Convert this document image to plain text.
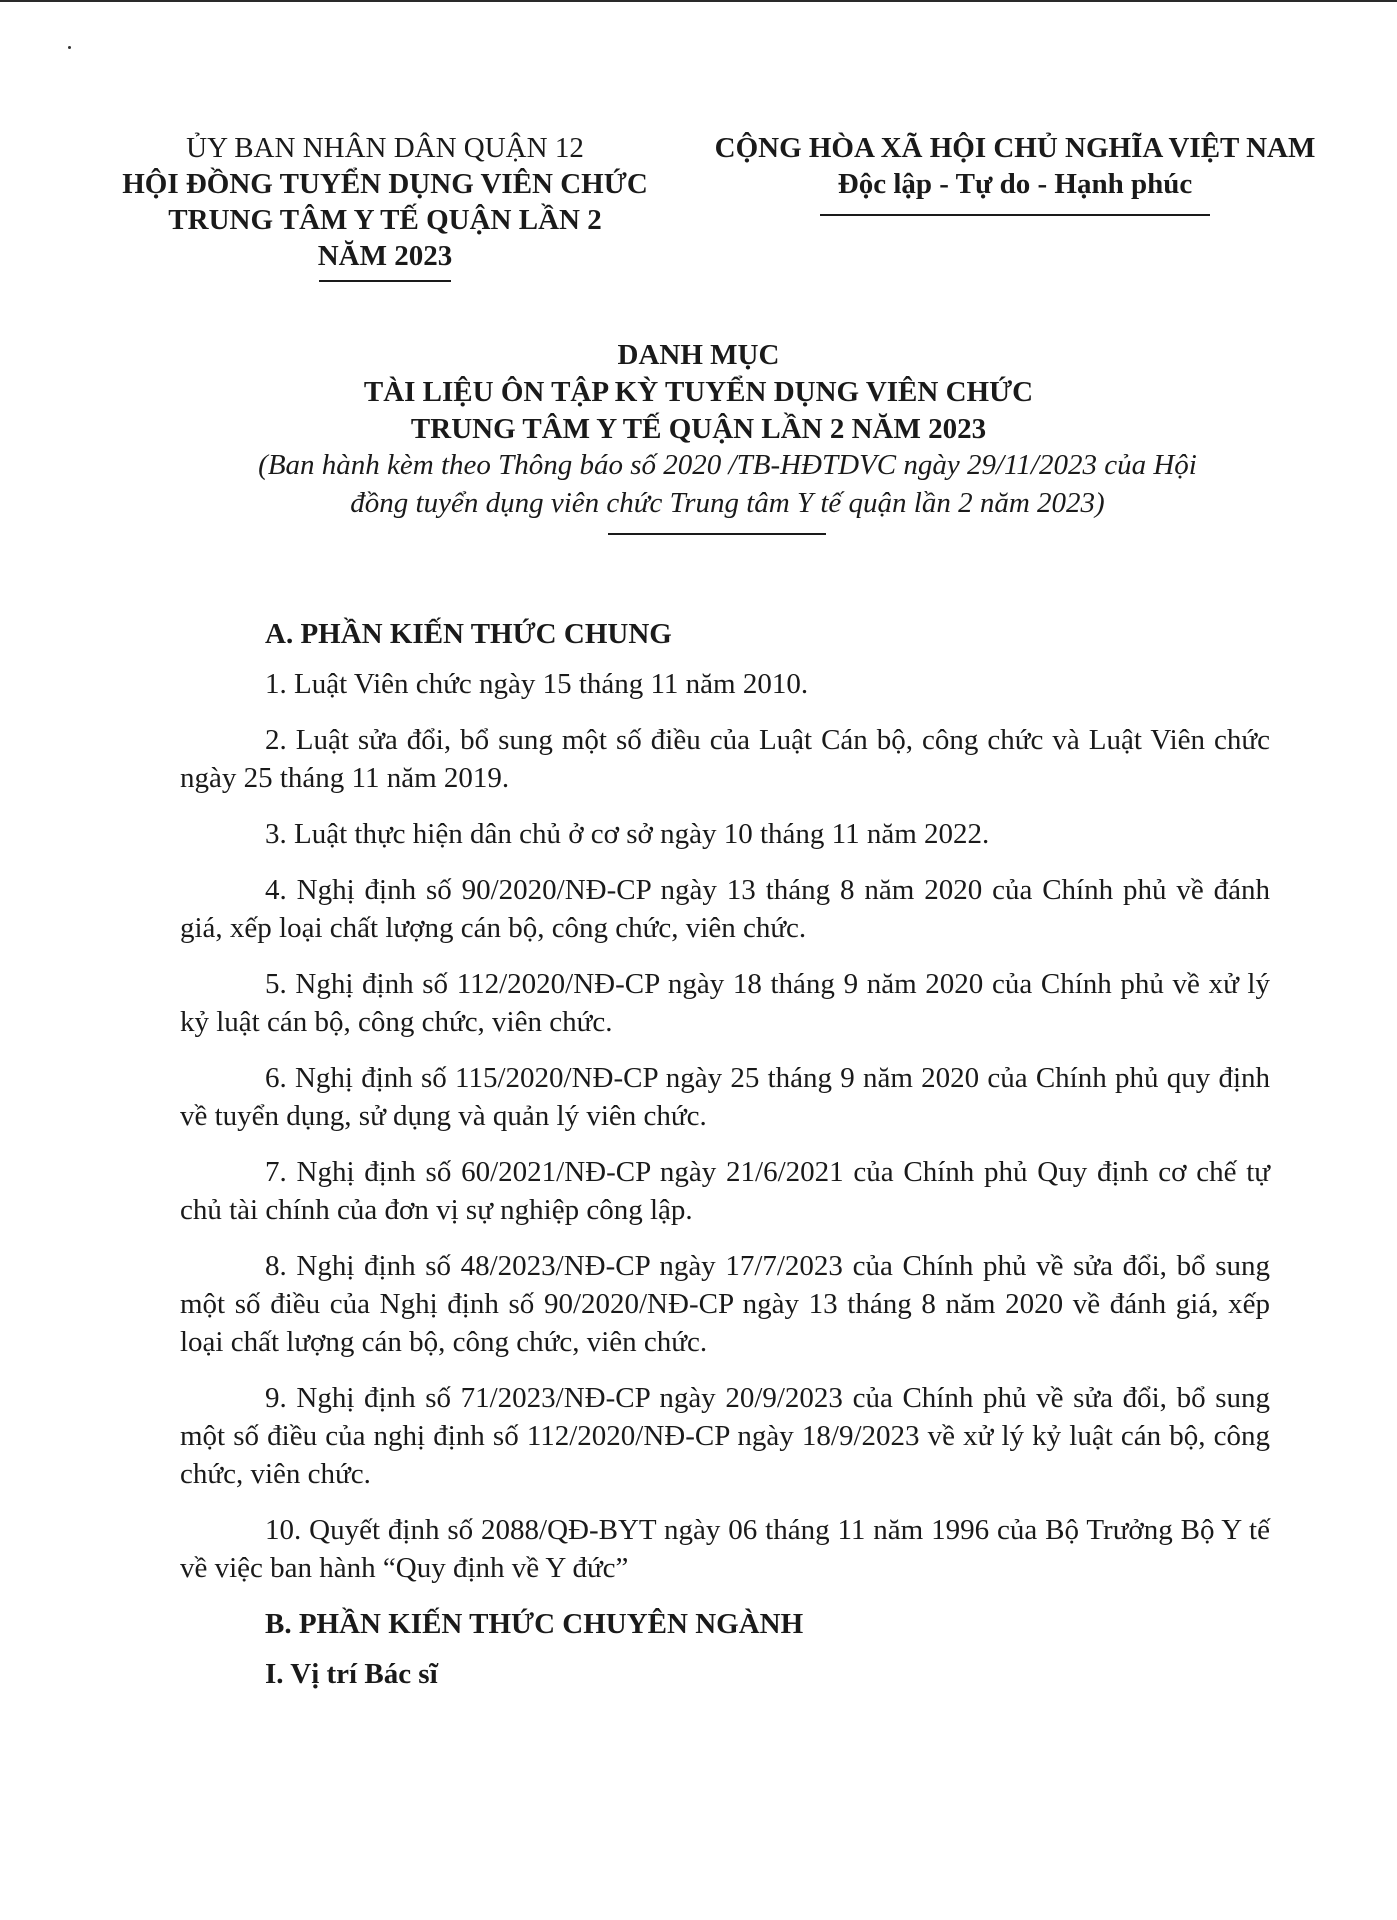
ỦY BAN NHÂN DÂN QUẬN 12
HỘI ĐỒNG TUYỂN DỤNG VIÊN CHỨC
TRUNG TÂM Y TẾ QUẬN LẦN 2
NĂM 2023
CỘNG HÒA XÃ HỘI CHỦ NGHĨA VIỆT NAM
Độc lập - Tự do - Hạnh phúc
DANH MỤC
TÀI LIỆU ÔN TẬP KỲ TUYỂN DỤNG VIÊN CHỨC
TRUNG TÂM Y TẾ QUẬN LẦN 2 NĂM 2023
(Ban hành kèm theo Thông báo số 2020 /TB-HĐTDVC ngày 29/11/2023 của Hội
đồng tuyển dụng viên chức Trung tâm Y tế quận lần 2 năm 2023)

A. PHẦN KIẾN THỨC CHUNG

1. Luật Viên chức ngày 15 tháng 11 năm 2010.

2. Luật sửa đổi, bổ sung một số điều của Luật Cán bộ, công chức và Luật Viên chức ngày 25 tháng 11 năm 2019.

3. Luật thực hiện dân chủ ở cơ sở ngày 10 tháng 11 năm 2022.

4. Nghị định số 90/2020/NĐ-CP ngày 13 tháng 8 năm 2020 của Chính phủ về đánh giá, xếp loại chất lượng cán bộ, công chức, viên chức.

5. Nghị định số 112/2020/NĐ-CP ngày 18 tháng 9 năm 2020 của Chính phủ về xử lý kỷ luật cán bộ, công chức, viên chức.

6. Nghị định số 115/2020/NĐ-CP ngày 25 tháng 9 năm 2020 của Chính phủ quy định về tuyển dụng, sử dụng và quản lý viên chức.

7. Nghị định số 60/2021/NĐ-CP ngày 21/6/2021 của Chính phủ Quy định cơ chế tự chủ tài chính của đơn vị sự nghiệp công lập.

8. Nghị định số 48/2023/NĐ-CP ngày 17/7/2023 của Chính phủ về sửa đổi, bổ sung một số điều của Nghị định số 90/2020/NĐ-CP ngày 13 tháng 8 năm 2020 về đánh giá, xếp loại chất lượng cán bộ, công chức, viên chức.

9. Nghị định số 71/2023/NĐ-CP ngày 20/9/2023 của Chính phủ về sửa đổi, bổ sung một số điều của nghị định số 112/2020/NĐ-CP ngày 18/9/2023 về xử lý kỷ luật cán bộ, công chức, viên chức.

10. Quyết định số 2088/QĐ-BYT ngày 06 tháng 11 năm 1996 của Bộ Trưởng Bộ Y tế về việc ban hành “Quy định về Y đức”

B. PHẦN KIẾN THỨC CHUYÊN NGÀNH

I. Vị trí Bác sĩ
